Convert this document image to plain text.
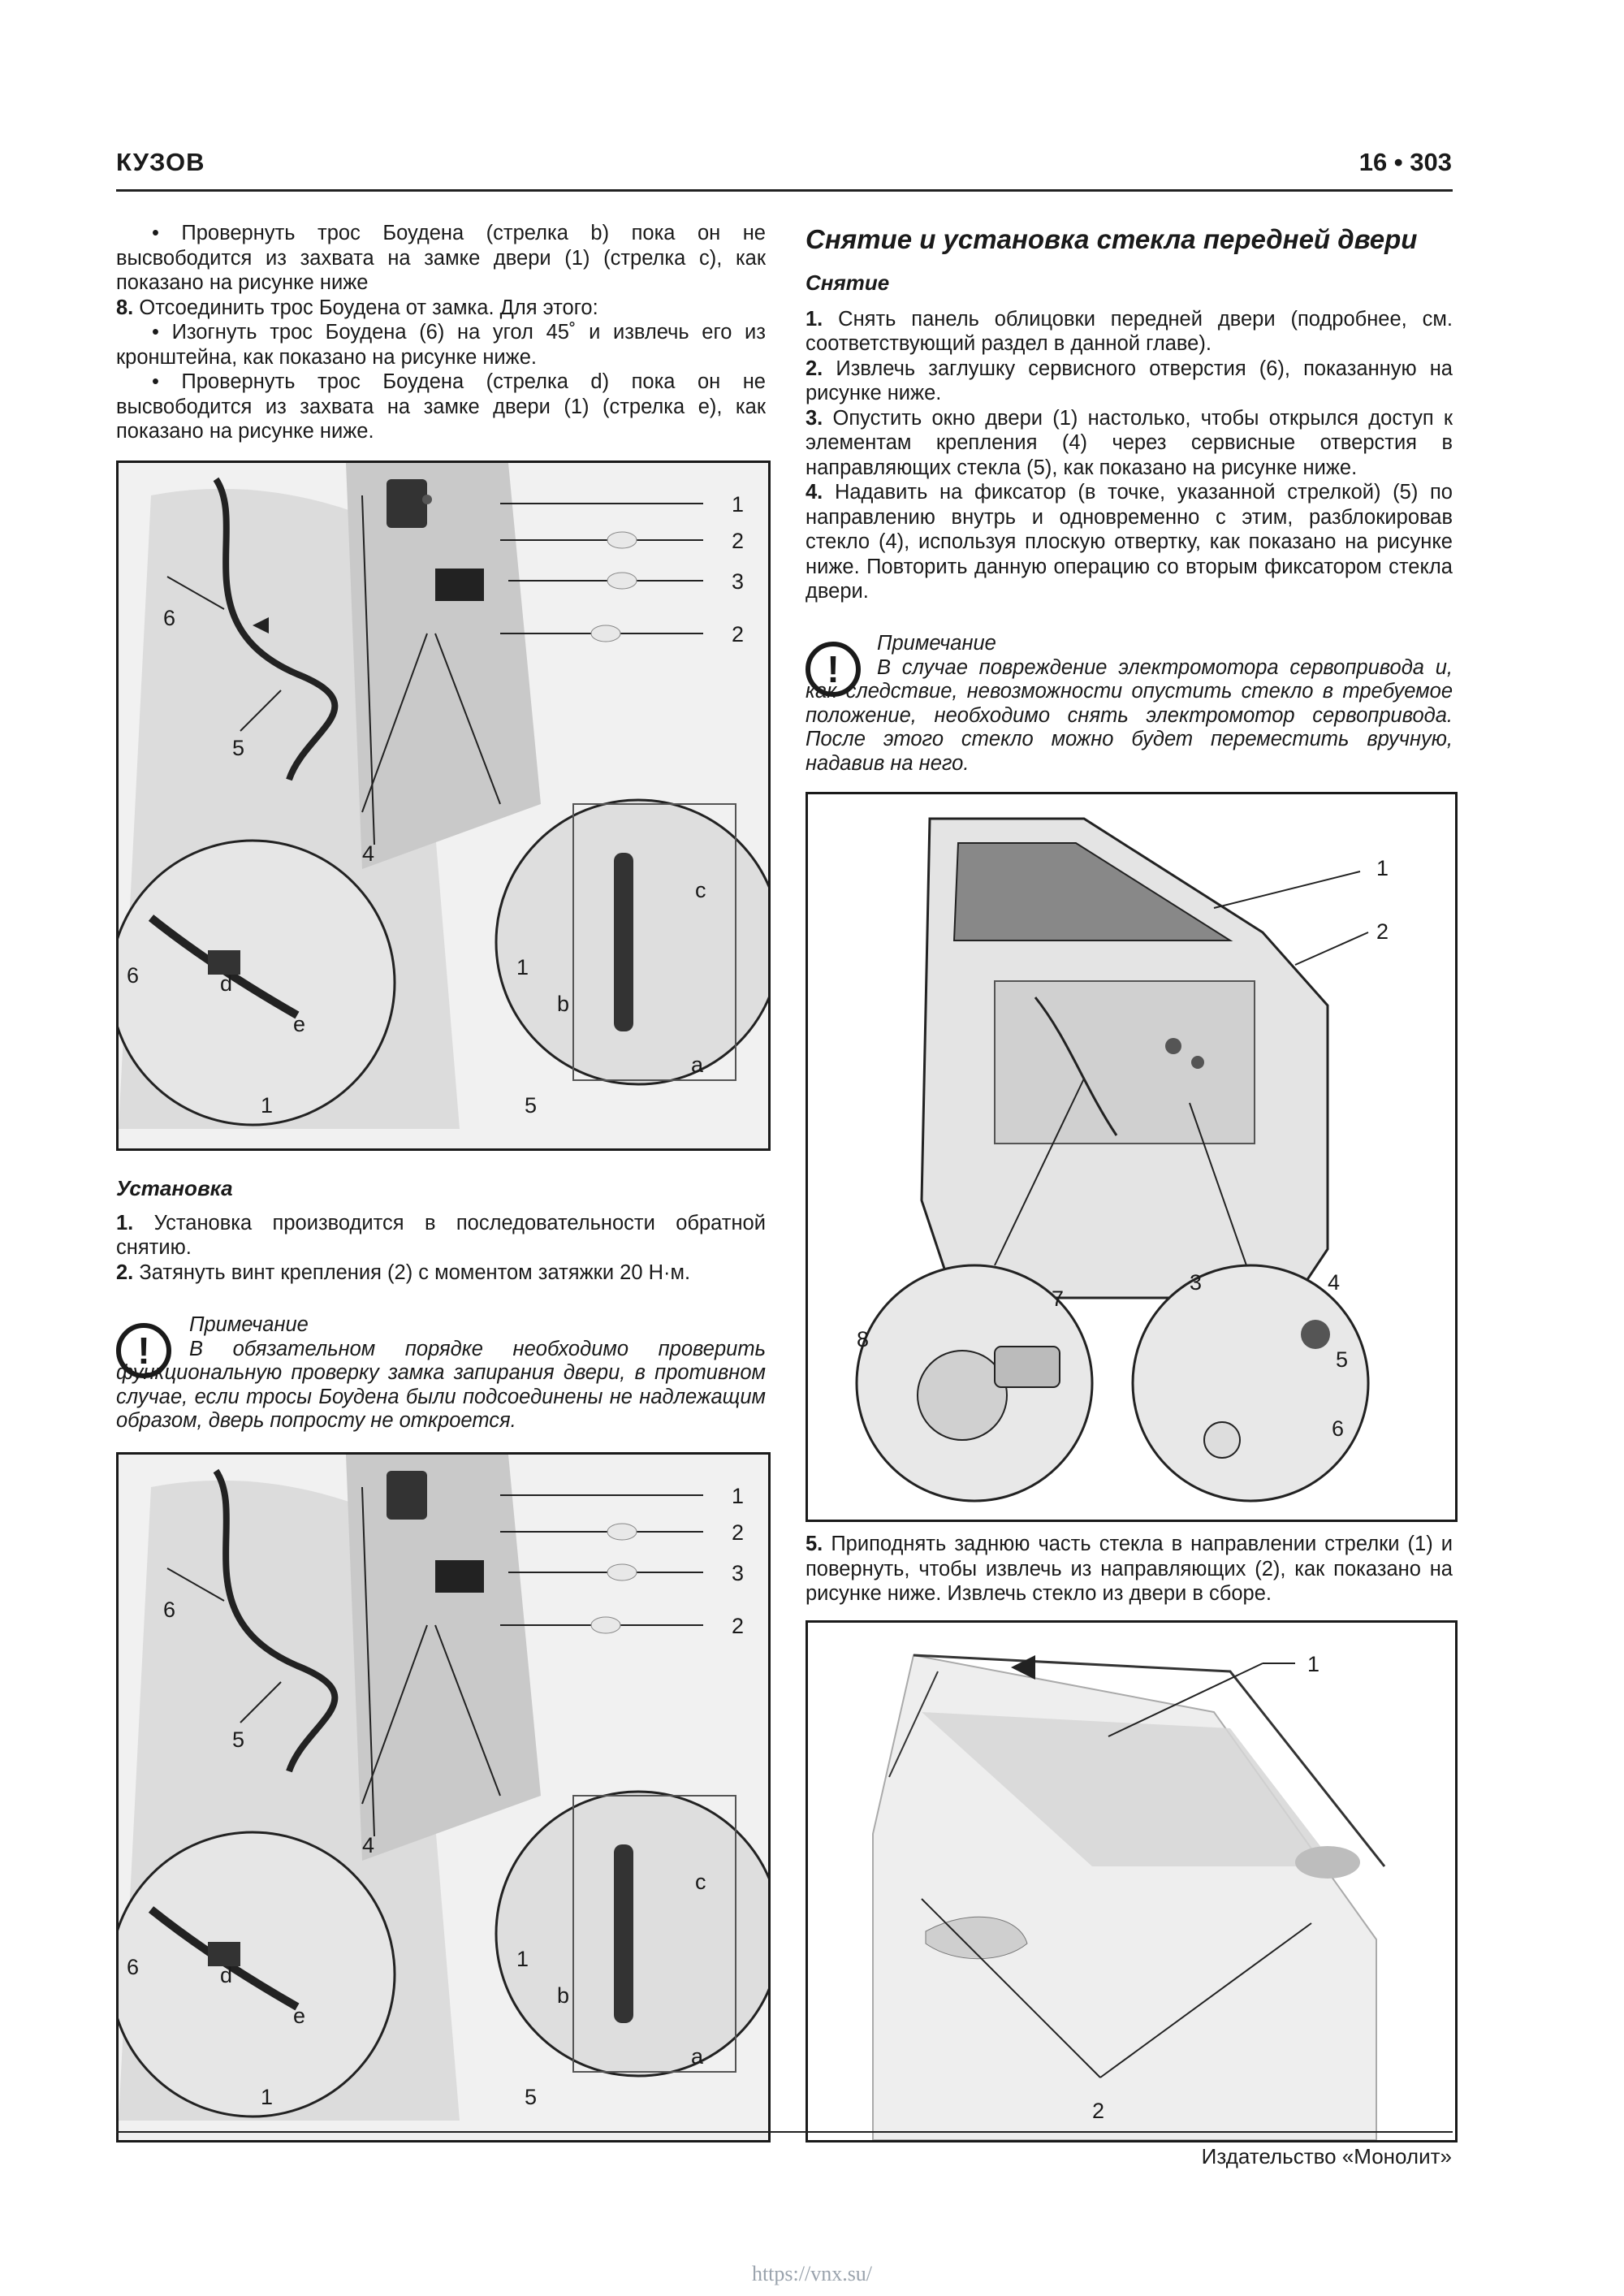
КУЗОВ	16 • 303

• Провернуть трос Боудена (стрелка b) пока он не высвободится из захвата на замке двери (1) (стрелка c), как показано на рисунке ниже

8. Отсоединить трос Боудена от замка. Для этого:

• Изогнуть трос Боудена (6) на угол 45˚ и извлечь его из кронштейна, как показано на рисунке ниже.

• Провернуть трос Боудена (стрелка d) пока он не высвободится из захвата на замке двери (1) (стрелка e), как показано на рисунке ниже.

1
2
3
2
6
5
4
6	d
e
1
1
b
c
a
5

Установка

1. Установка производится в последовательности обратной снятию.

2. Затянуть винт крепления (2) с моментом затяжки 20 Н·м.

!
Примечание
В обязательном порядке необходимо проверить функциональную проверку замка запирания двери, в противном случае, если тросы Боудена были подсоединены не надлежащим образом, дверь попросту не откроется.
1
2
3
2
6
5
4
6	d
e
1
1
b
c
a
5

Снятие и установка стекла передней двери

Снятие

1. Снять панель облицовки передней двери (подробнее, см. соответствующий раздел в данной главе).

2. Извлечь заглушку сервисного отверстия (6), показанную на рисунке ниже.

3. Опустить окно двери (1) настолько, чтобы открылся доступ к элементам крепления (4) через сервисные отверстия в направляющих стекла (5), как показано на рисунке ниже.

4. Надавить на фиксатор (в точке, указанной стрелкой) (5) по направлению внутрь и одновременно с этим, разблокировав стекло (4), используя плоскую отвертку, как показано на рисунке ниже. Повторить данную операцию со вторым фиксатором стекла двери.

!
Примечание
В случае повреждение электромотора сервопривода и, как следствие, невозможности опустить стекло в требуемое положение, необходимо снять электромотор сервопривода. После этого стекло можно будет переместить вручную, надавив на него.
1
2
7
8
3	4
5
6

5. Приподнять заднюю часть стекла в направлении стрелки (1) и повернуть, чтобы извлечь из направляющих (2), как показано на рисунке ниже. Извлечь стекло из двери в сборе.

1
2
Издательство «Монолит»
https://vnx.su/
